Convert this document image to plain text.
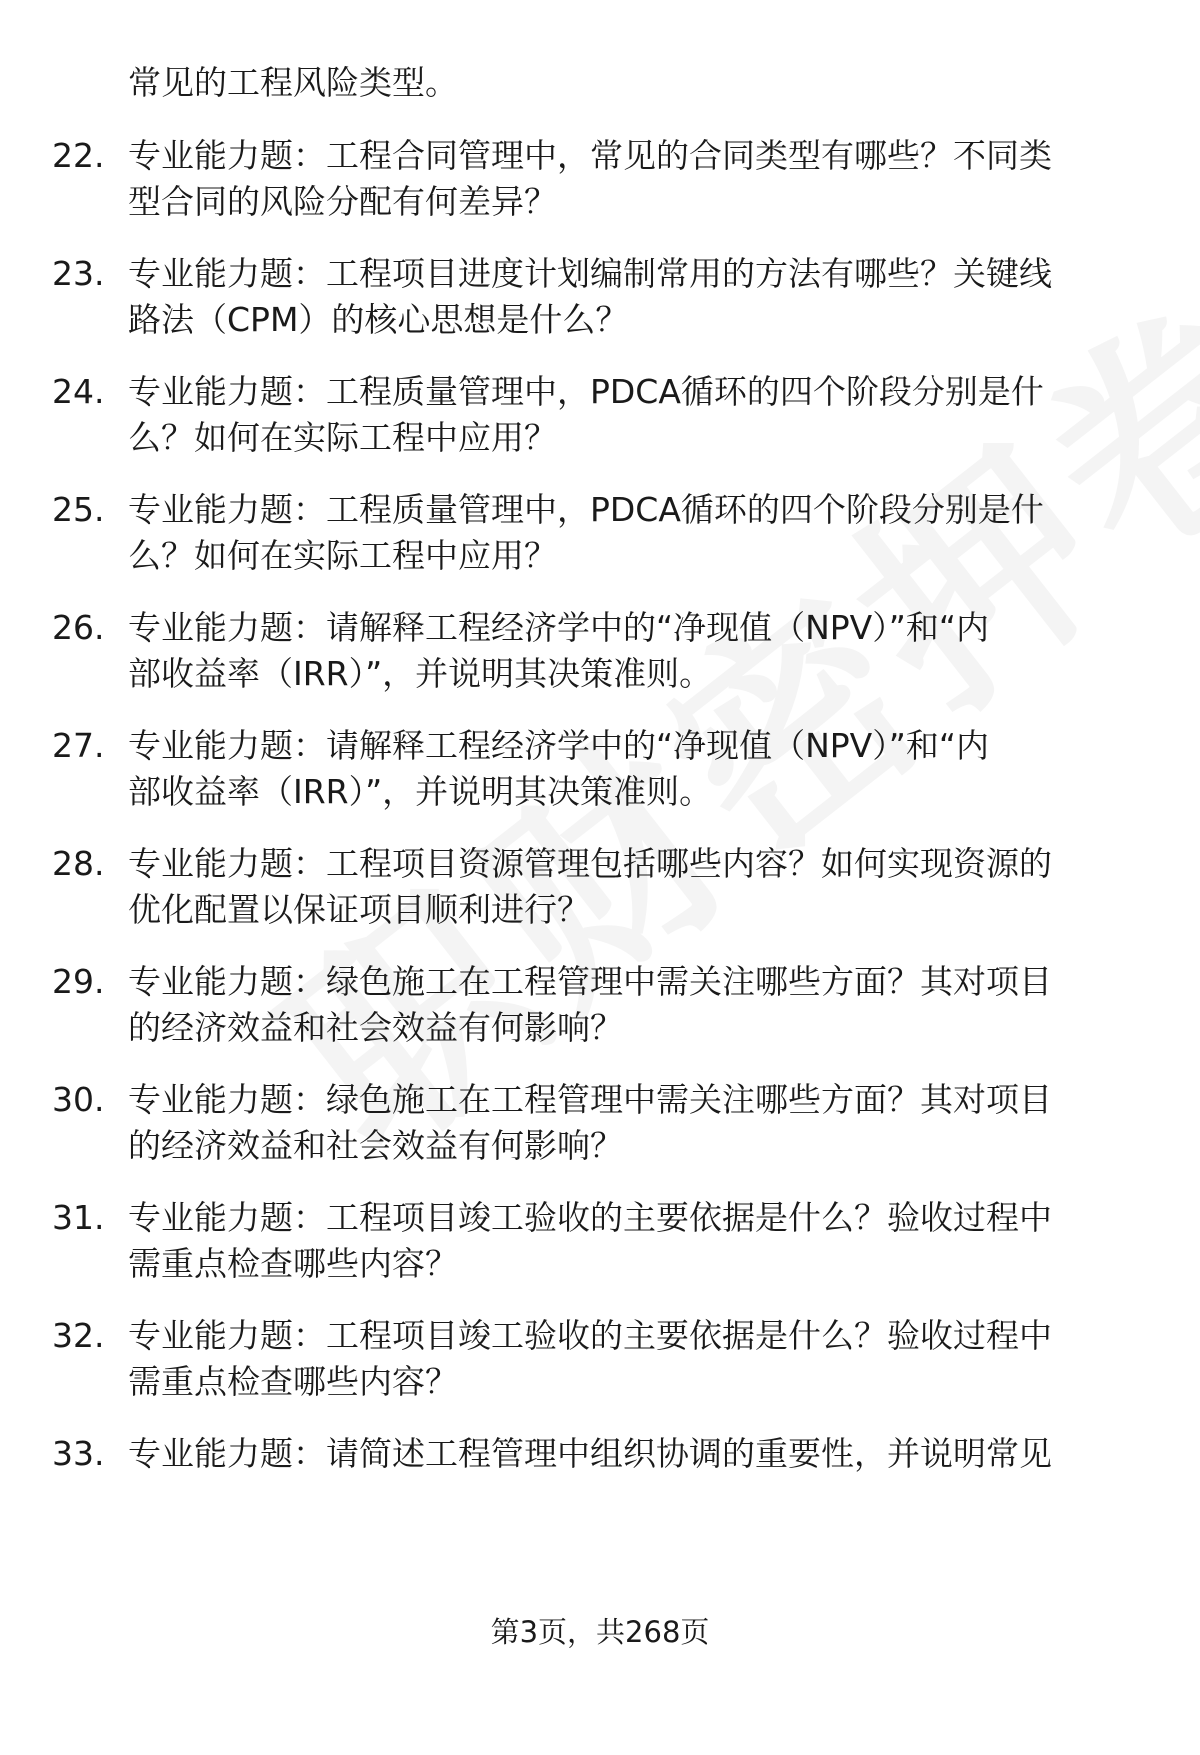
常见的工程风险类型。
22. 专业能力题：工程合同管理中，常见的合同类型有哪些？不同类
型合同的风险分配有何差异？
23. 专业能力题：工程项目进度计划编制常用的方法有哪些？关键线
路法（CPM）的核心思想是什么？
24. 专业能力题：工程质量管理中，PDCA循环的四个阶段分别是什
么？如何在实际工程中应用？
25. 专业能力题：工程质量管理中，PDCA循环的四个阶段分别是什
么？如何在实际工程中应用？
26. 专业能力题：请解释工程经济学中的“净现值（NPV）”和“内
部收益率（IRR）”，并说明其决策准则。
27. 专业能力题：请解释工程经济学中的“净现值（NPV）”和“内
部收益率（IRR）”，并说明其决策准则。
28. 专业能力题：工程项目资源管理包括哪些内容？如何实现资源的
优化配置以保证项目顺利进行？
29. 专业能力题：绿色施工在工程管理中需关注哪些方面？其对项目
的经济效益和社会效益有何影响？
30. 专业能力题：绿色施工在工程管理中需关注哪些方面？其对项目
的经济效益和社会效益有何影响？
31. 专业能力题：工程项目竣工验收的主要依据是什么？验收过程中
需重点检查哪些内容？
32. 专业能力题：工程项目竣工验收的主要依据是什么？验收过程中
需重点检查哪些内容？
33. 专业能力题：请简述工程管理中组织协调的重要性，并说明常见
第3页，共268页
